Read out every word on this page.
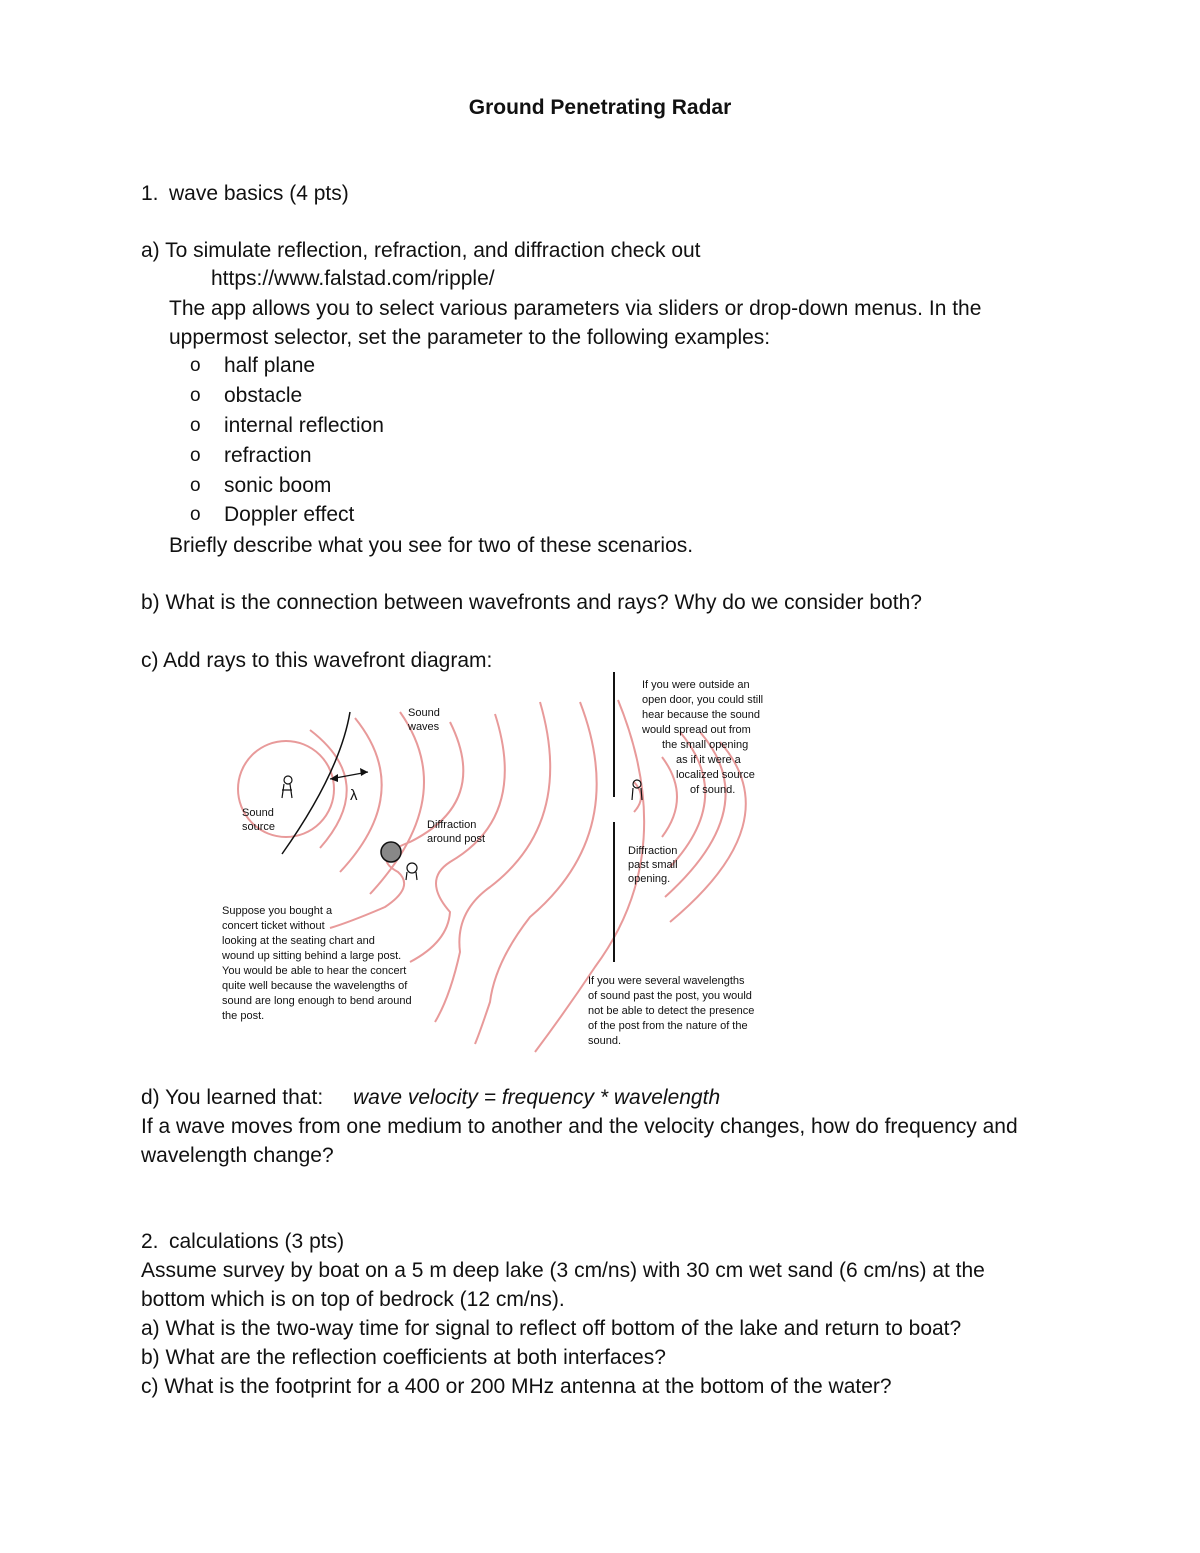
Ground Penetrating Radar
1. wave basics (4 pts)
a) To simulate reflection, refraction, and diffraction check out
https://www.falstad.com/ripple/
The app allows you to select various parameters via sliders or drop-down menus. In the
uppermost selector, set the parameter to the following examples:
o half plane
o obstacle
o internal reflection
o refraction
o sonic boom
o Doppler effect
Briefly describe what you see for two of these scenarios.
b) What is the connection between wavefronts and rays? Why do we consider both?
c) Add rays to this wavefront diagram:
Sound
waves
λ
Sound
source	Diffraction
around post
Diffraction
past small
opening.
If you were outside an
open door, you could still
hear because the sound
would spread out from
the small opening
as if it were a
localized source
of sound.
Suppose you bought a
concert ticket without
looking at the seating chart and
wound up sitting behind a large post.
You would be able to hear the concert
quite well because the wavelengths of
sound are long enough to bend around
the post.
If you were several wavelengths
of sound past the post, you would
not be able to detect the presence
of the post from the nature of the
sound.
d) You learned that: wave velocity = frequency * wavelength
If a wave moves from one medium to another and the velocity changes, how do frequency and
wavelength change?
2. calculations (3 pts)
Assume survey by boat on a 5 m deep lake (3 cm/ns) with 30 cm wet sand (6 cm/ns) at the
bottom which is on top of bedrock (12 cm/ns).
a) What is the two-way time for signal to reflect off bottom of the lake and return to boat?
b) What are the reflection coefficients at both interfaces?
c) What is the footprint for a 400 or 200 MHz antenna at the bottom of the water?
